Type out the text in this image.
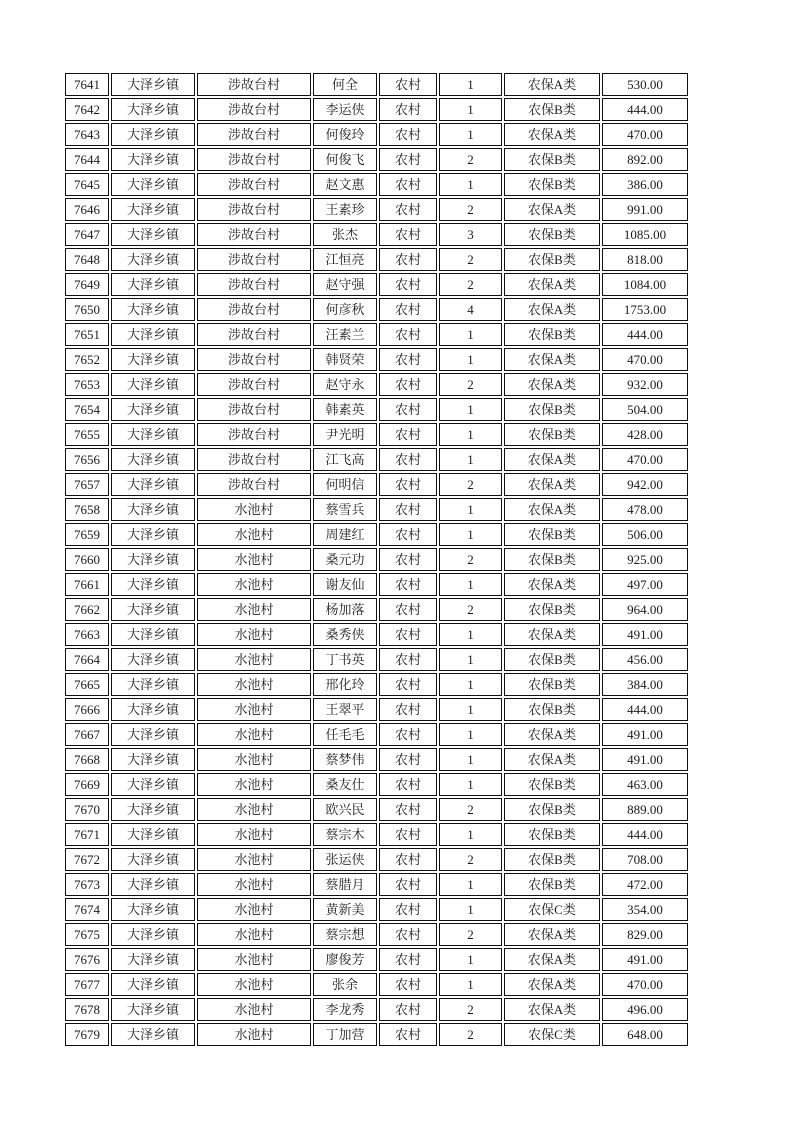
7641	大泽乡镇	涉故台村	何全	农村	1	农保A类	530.00
7642	大泽乡镇	涉故台村	李运侠	农村	1	农保B类	444.00
7643	大泽乡镇	涉故台村	何俊玲	农村	1	农保A类	470.00
7644	大泽乡镇	涉故台村	何俊飞	农村	2	农保B类	892.00
7645	大泽乡镇	涉故台村	赵文惠	农村	1	农保B类	386.00
7646	大泽乡镇	涉故台村	王素珍	农村	2	农保A类	991.00
7647	大泽乡镇	涉故台村	张杰	农村	3	农保B类	1085.00
7648	大泽乡镇	涉故台村	江恒亮	农村	2	农保B类	818.00
7649	大泽乡镇	涉故台村	赵守强	农村	2	农保A类	1084.00
7650	大泽乡镇	涉故台村	何彦秋	农村	4	农保A类	1753.00
7651	大泽乡镇	涉故台村	汪素兰	农村	1	农保B类	444.00
7652	大泽乡镇	涉故台村	韩贤荣	农村	1	农保A类	470.00
7653	大泽乡镇	涉故台村	赵守永	农村	2	农保A类	932.00
7654	大泽乡镇	涉故台村	韩素英	农村	1	农保B类	504.00
7655	大泽乡镇	涉故台村	尹光明	农村	1	农保B类	428.00
7656	大泽乡镇	涉故台村	江飞高	农村	1	农保A类	470.00
7657	大泽乡镇	涉故台村	何明信	农村	2	农保A类	942.00
7658	大泽乡镇	水池村	蔡雪兵	农村	1	农保A类	478.00
7659	大泽乡镇	水池村	周建红	农村	1	农保B类	506.00
7660	大泽乡镇	水池村	桑元功	农村	2	农保B类	925.00
7661	大泽乡镇	水池村	谢友仙	农村	1	农保A类	497.00
7662	大泽乡镇	水池村	杨加落	农村	2	农保B类	964.00
7663	大泽乡镇	水池村	桑秀侠	农村	1	农保A类	491.00
7664	大泽乡镇	水池村	丁书英	农村	1	农保B类	456.00
7665	大泽乡镇	水池村	邢化玲	农村	1	农保B类	384.00
7666	大泽乡镇	水池村	王翠平	农村	1	农保B类	444.00
7667	大泽乡镇	水池村	任毛毛	农村	1	农保A类	491.00
7668	大泽乡镇	水池村	蔡梦伟	农村	1	农保A类	491.00
7669	大泽乡镇	水池村	桑友仕	农村	1	农保B类	463.00
7670	大泽乡镇	水池村	欧兴民	农村	2	农保B类	889.00
7671	大泽乡镇	水池村	蔡宗木	农村	1	农保B类	444.00
7672	大泽乡镇	水池村	张运侠	农村	2	农保B类	708.00
7673	大泽乡镇	水池村	蔡腊月	农村	1	农保B类	472.00
7674	大泽乡镇	水池村	黄新美	农村	1	农保C类	354.00
7675	大泽乡镇	水池村	蔡宗想	农村	2	农保A类	829.00
7676	大泽乡镇	水池村	廖俊芳	农村	1	农保A类	491.00
7677	大泽乡镇	水池村	张余	农村	1	农保A类	470.00
7678	大泽乡镇	水池村	李龙秀	农村	2	农保A类	496.00
7679	大泽乡镇	水池村	丁加营	农村	2	农保C类	648.00
